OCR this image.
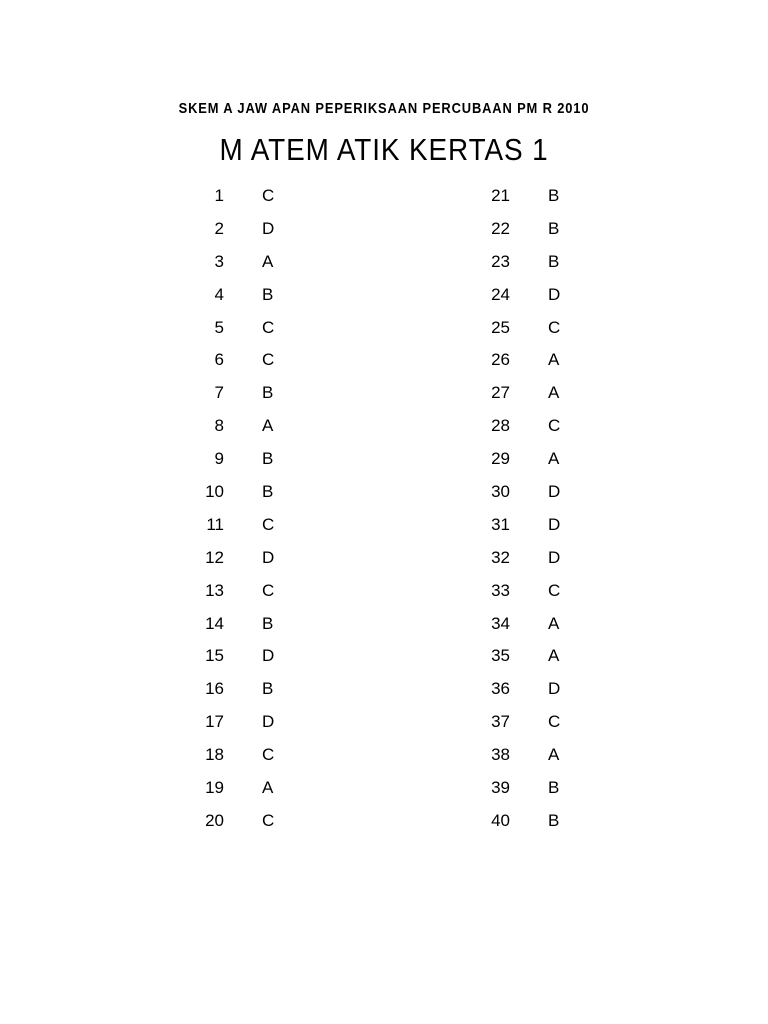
SKEM A JAW APAN PEPERIKSAAN PERCUBAAN PM R 2010
M ATEM ATIK KERTAS 1
1 C
2 D
3 A
4 B
5 C
6 C
7 B
8 A
9 B
10 B
11 C
12 D
13 C
14 B
15 D
16 B
17 D
18 C
19 A
20 C
21 B
22 B
23 B
24 D
25 C
26 A
27 A
28 C
29 A
30 D
31 D
32 D
33 C
34 A
35 A
36 D
37 C
38 A
39 B
40 B
